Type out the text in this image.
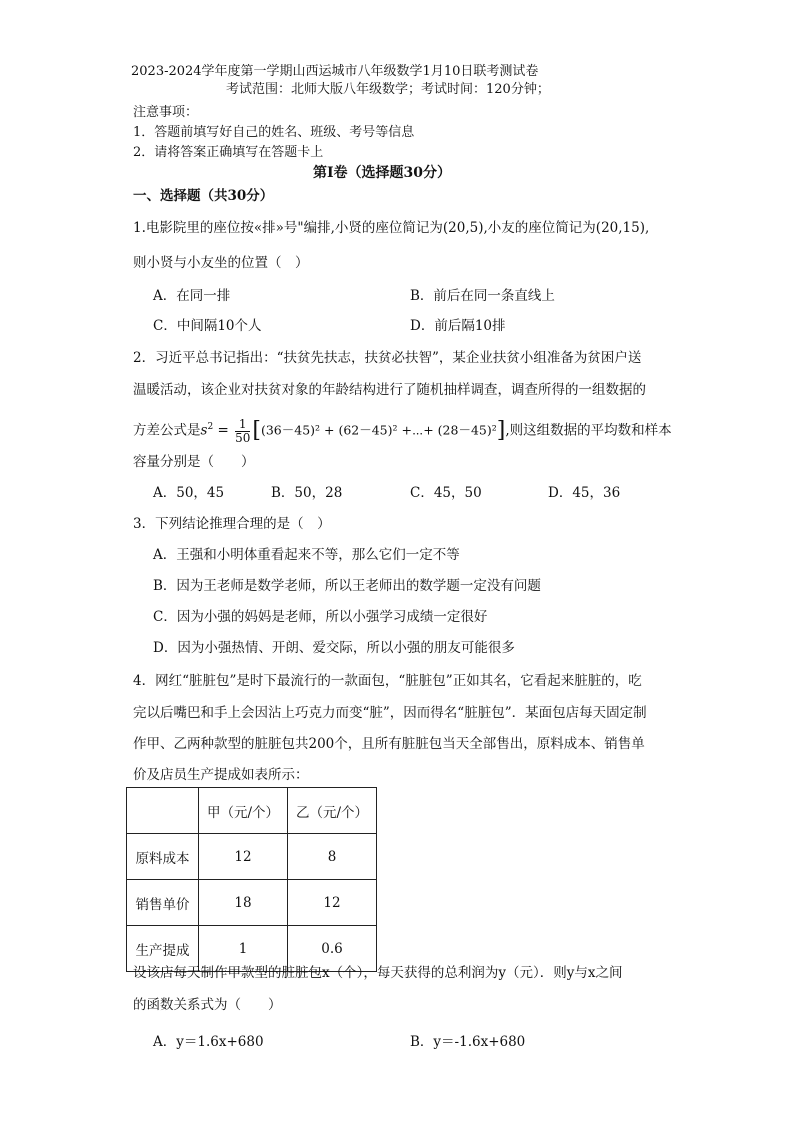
2023-2024学年度第一学期山西运城市八年级数学1月10日联考测试卷
考试范围：北师大版八年级数学；考试时间：120分钟；
注意事项：
1．答题前填写好自己的姓名、班级、考号等信息
2．请将答案正确填写在答题卡上
第I卷（选择题30分）
一、选择题（共30分）
1.电影院里的座位按«排»号"编排,小贤的座位简记为(20,5),小友的座位简记为(20,15),
则小贤与小友坐的位置（　）
A．在同一排	B．前后在同一条直线上
C．中间隔10个人	D．前后隔10排
2．习近平总书记指出：“扶贫先扶志，扶贫必扶智”，某企业扶贫小组准备为贫困户送
温暖活动，该企业对扶贫对象的年龄结构进行了随机抽样调查，调查所得的一组数据的
方差公式是$s^2 = \frac{1}{50} [(36-45)^2 + (62-45)^2$ +⋯+ (28－45)²],则这组数据的平均数和样本
容量分别是（　　）
A．50，45	B．50，28	C．45，50	D．45，36
3．下列结论推理合理的是（　）
A．王强和小明体重看起来不等，那么它们一定不等
B．因为王老师是数学老师，所以王老师出的数学题一定没有问题
C．因为小强的妈妈是老师，所以小强学习成绩一定很好
D．因为小强热情、开朗、爱交际，所以小强的朋友可能很多
4．网红“脏脏包”是时下最流行的一款面包，“脏脏包”正如其名，它看起来脏脏的，吃
完以后嘴巴和手上会因沾上巧克力而变“脏”，因而得名“脏脏包”．某面包店每天固定制
作甲、乙两种款型的脏脏包共200个，且所有脏脏包当天全部售出，原料成本、销售单
价及店员生产提成如表所示：
	甲（元/个）	乙（元/个）
原料成本	12	8
销售单价	18	12
生产提成	1	0.6
设该店每天制作甲款型的脏脏包x（个），每天获得的总利润为y（元）．则y与x之间
的函数关系式为（　　）
A．y＝1.6x+680	B．y＝-1.6x+680
